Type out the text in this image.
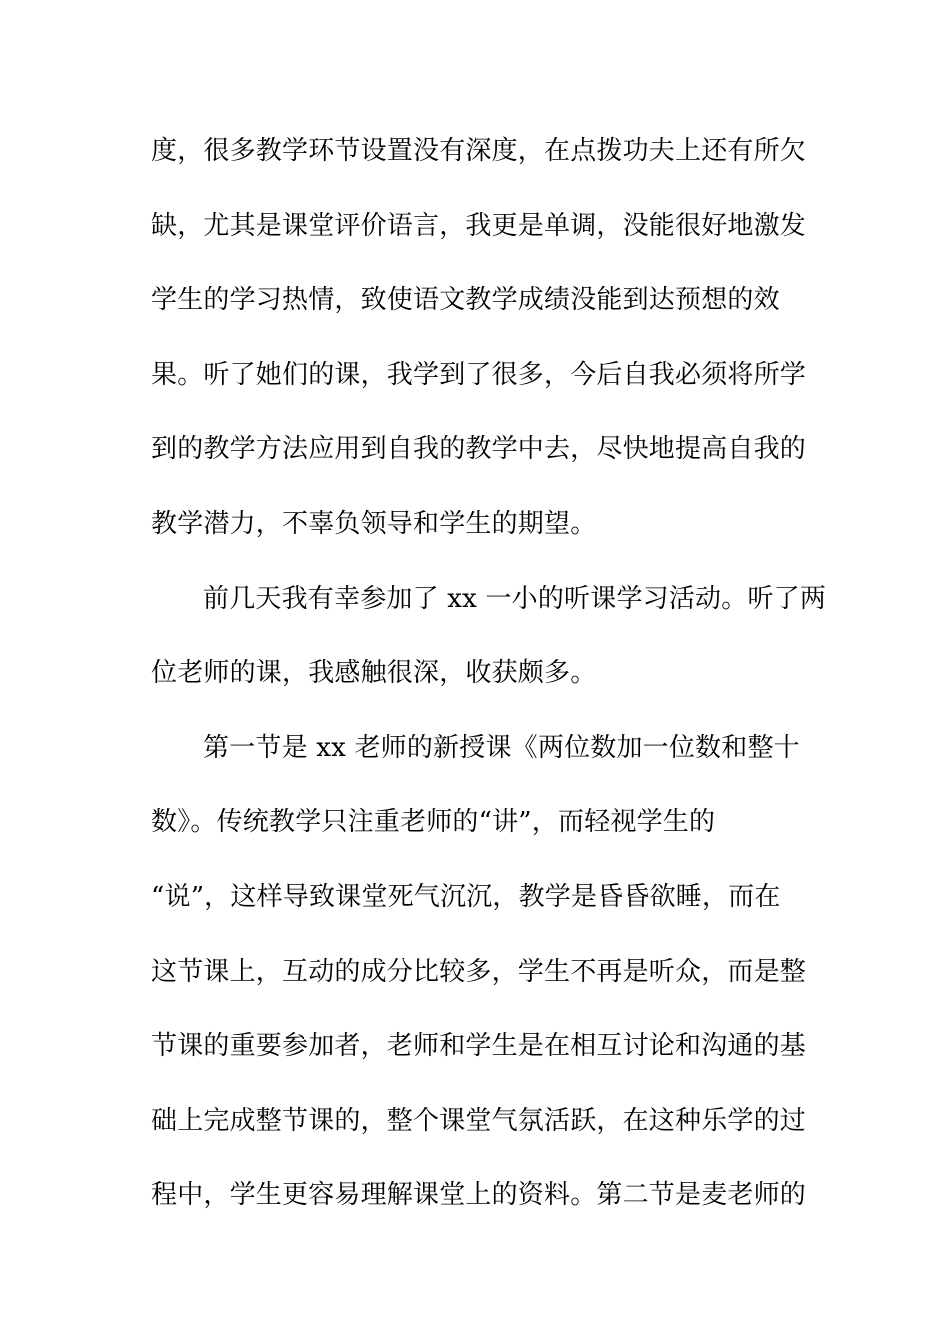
度，很多教学环节设置没有深度，在点拨功夫上还有所欠
缺，尤其是课堂评价语言，我更是单调，没能很好地激发
学生的学习热情，致使语文教学成绩没能到达预想的效
果。听了她们的课，我学到了很多，今后自我必须将所学
到的教学方法应用到自我的教学中去，尽快地提高自我的
教学潜力，不辜负领导和学生的期望。
前几天我有幸参加了 xx 一小的听课学习活动。听了两
位老师的课，我感触很深，收获颇多。
第一节是 xx 老师的新授课《两位数加一位数和整十
数》。传统教学只注重老师的“讲”，而轻视学生的
“说”，这样导致课堂死气沉沉，教学是昏昏欲睡，而在
这节课上，互动的成分比较多，学生不再是听众，而是整
节课的重要参加者，老师和学生是在相互讨论和沟通的基
础上完成整节课的，整个课堂气氛活跃，在这种乐学的过
程中，学生更容易理解课堂上的资料。第二节是麦老师的
